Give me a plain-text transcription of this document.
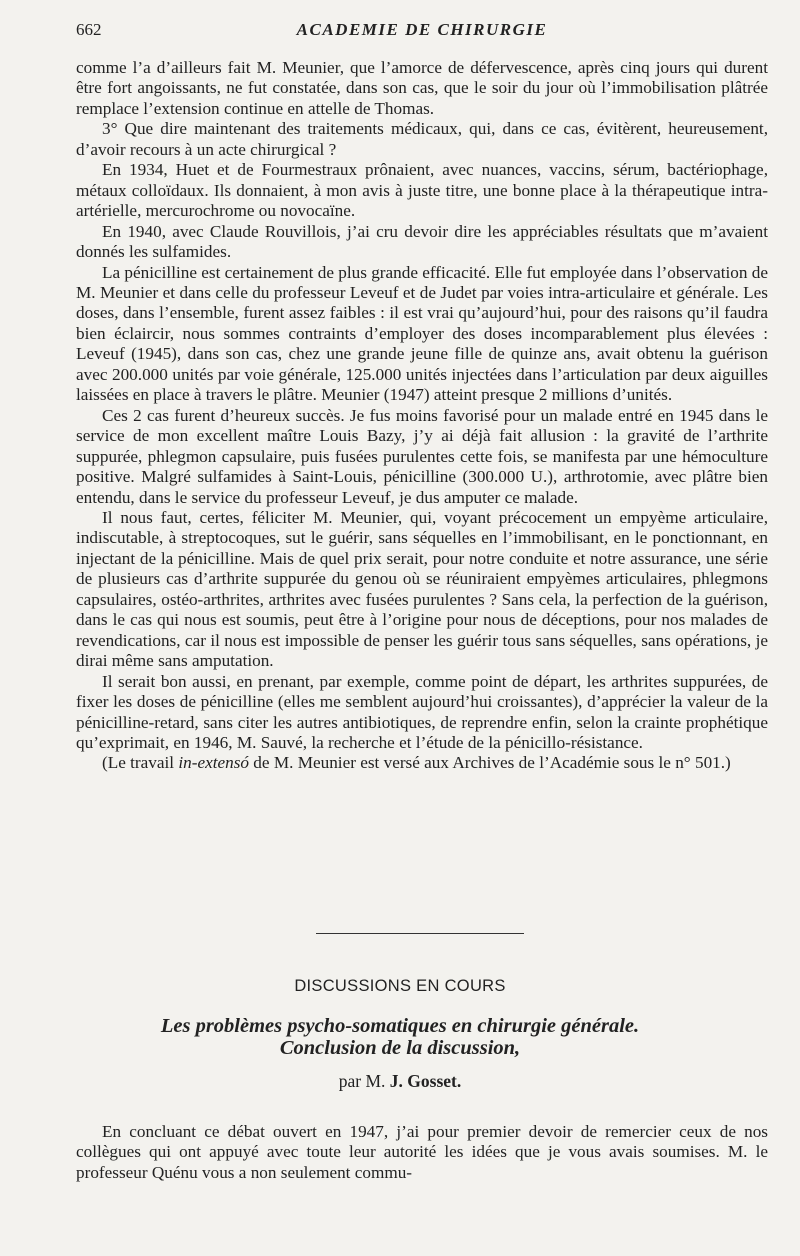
662	ACADEMIE DE CHIRURGIE

comme l’a d’ailleurs fait M. Meunier, que l’amorce de défervescence, après cinq jours qui durent être fort angoissants, ne fut constatée, dans son cas, que le soir du jour où l’immobilisation plâtrée remplace l’extension continue en attelle de Thomas.

3° Que dire maintenant des traitements médicaux, qui, dans ce cas, évitèrent, heureusement, d’avoir recours à un acte chirurgical ?

En 1934, Huet et de Fourmestraux prônaient, avec nuances, vaccins, sérum, bactériophage, métaux colloïdaux. Ils donnaient, à mon avis à juste titre, une bonne place à la thérapeutique intra-artérielle, mercurochrome ou novocaïne.

En 1940, avec Claude Rouvillois, j’ai cru devoir dire les appréciables résultats que m’avaient donnés les sulfamides.

La pénicilline est certainement de plus grande efficacité. Elle fut employée dans l’observation de M. Meunier et dans celle du professeur Leveuf et de Judet par voies intra-articulaire et générale. Les doses, dans l’ensemble, furent assez faibles : il est vrai qu’aujourd’hui, pour des raisons qu’il faudra bien éclaircir, nous sommes contraints d’employer des doses incomparablement plus élevées : Leveuf (1945), dans son cas, chez une grande jeune fille de quinze ans, avait obtenu la guérison avec 200.000 unités par voie générale, 125.000 unités injectées dans l’articulation par deux aiguilles laissées en place à travers le plâtre. Meunier (1947) atteint presque 2 millions d’unités.

Ces 2 cas furent d’heureux succès. Je fus moins favorisé pour un malade entré en 1945 dans le service de mon excellent maître Louis Bazy, j’y ai déjà fait allusion : la gravité de l’arthrite suppurée, phlegmon capsulaire, puis fusées purulentes cette fois, se manifesta par une hémoculture positive. Malgré sulfamides à Saint-Louis, pénicilline (300.000 U.), arthrotomie, avec plâtre bien entendu, dans le service du professeur Leveuf, je dus amputer ce malade.

Il nous faut, certes, féliciter M. Meunier, qui, voyant précocement un empyème articulaire, indiscutable, à streptocoques, sut le guérir, sans séquelles en l’immobilisant, en le ponctionnant, en injectant de la pénicilline. Mais de quel prix serait, pour notre conduite et notre assurance, une série de plusieurs cas d’arthrite suppurée du genou où se réuniraient empyèmes articulaires, phlegmons capsulaires, ostéo-arthrites, arthrites avec fusées purulentes ? Sans cela, la perfection de la guérison, dans le cas qui nous est soumis, peut être à l’origine pour nous de déceptions, pour nos malades de revendications, car il nous est impossible de penser les guérir tous sans séquelles, sans opérations, je dirai même sans amputation.

Il serait bon aussi, en prenant, par exemple, comme point de départ, les arthrites suppurées, de fixer les doses de pénicilline (elles me semblent aujourd’hui croissantes), d’apprécier la valeur de la pénicilline-retard, sans citer les autres antibiotiques, de reprendre enfin, selon la crainte prophétique qu’exprimait, en 1946, M. Sauvé, la recherche et l’étude de la pénicillo-résistance.

(Le travail in-extensó de M. Meunier est versé aux Archives de l’Académie sous le n° 501.)

DISCUSSIONS EN COURS
Les problèmes psycho-somatiques en chirurgie générale.
Conclusion de la discussion,
par M. J. Gosset.

En concluant ce débat ouvert en 1947, j’ai pour premier devoir de remercier ceux de nos collègues qui ont appuyé avec toute leur autorité les idées que je vous avais soumises. M. le professeur Quénu vous a non seulement commu-
